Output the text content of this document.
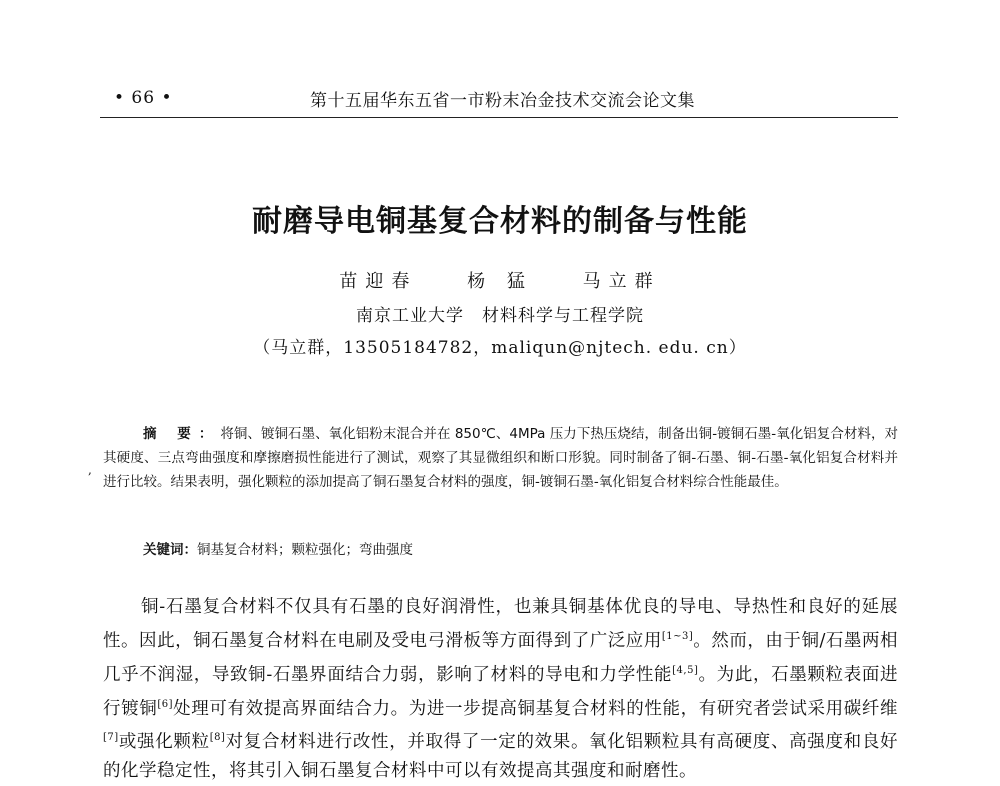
• 66 •	第十五届华东五省一市粉末冶金技术交流会论文集
耐磨导电铜基复合材料的制备与性能
苗迎春	杨 猛	马立群
南京工业大学　材料科学与工程学院
（马立群，13505184782，maliqun@njtech. edu. cn）
,
摘 要：将铜、镀铜石墨、氧化铝粉末混合并在 850℃、4MPa 压力下热压烧结，制备出铜-镀铜石墨-氧化铝复合材料，对其硬度、三点弯曲强度和摩擦磨损性能进行了测试，观察了其显微组织和断口形貌。同时制备了铜-石墨、铜-石墨-氧化铝复合材料并进行比较。结果表明，强化颗粒的添加提高了铜石墨复合材料的强度，铜-镀铜石墨-氧化铝复合材料综合性能最佳。
关键词：铜基复合材料；颗粒强化；弯曲强度
铜-石墨复合材料不仅具有石墨的良好润滑性，也兼具铜基体优良的导电、导热性和良好的延展性。因此，铜石墨复合材料在电刷及受电弓滑板等方面得到了广泛应用[1~3]。然而，由于铜/石墨两相几乎不润湿，导致铜-石墨界面结合力弱，影响了材料的导电和力学性能[4,5]。为此，石墨颗粒表面进行镀铜[6]处理可有效提高界面结合力。为进一步提高铜基复合材料的性能，有研究者尝试采用碳纤维[7]或强化颗粒[8]对复合材料进行改性，并取得了一定的效果。氧化铝颗粒具有高硬度、高强度和良好的化学稳定性，将其引入铜石墨复合材料中可以有效提高其强度和耐磨性。
